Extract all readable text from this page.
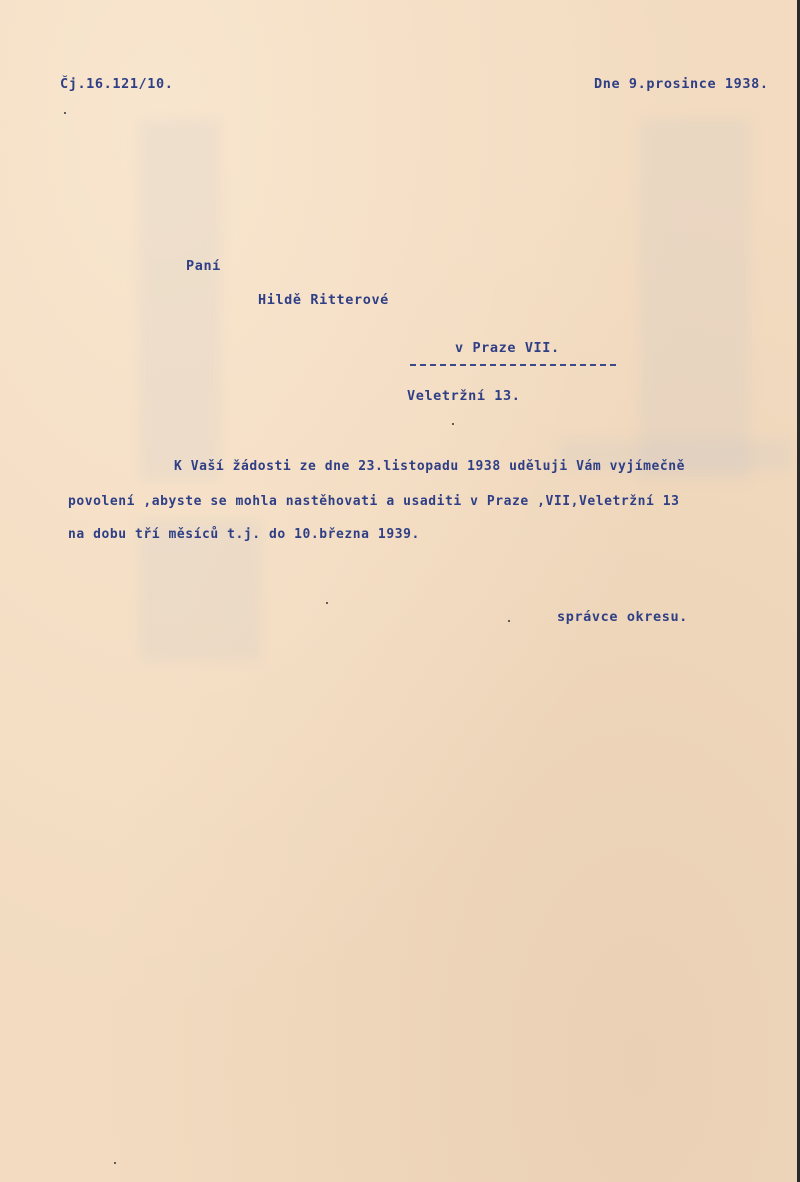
Čj.16.121/10.	Dne 9.prosince 1938.
Paní
Hildě Ritterové
v Praze VII.
Veletržní 13.
K Vaší žádosti ze dne 23.listopadu 1938 uděluji Vám vyjímečně
povolení ,abyste se mohla nastěhovati a usaditi v Praze ,VII,Veletržní 13
na dobu tří měsíců t.j. do 10.března 1939.
správce okresu.
